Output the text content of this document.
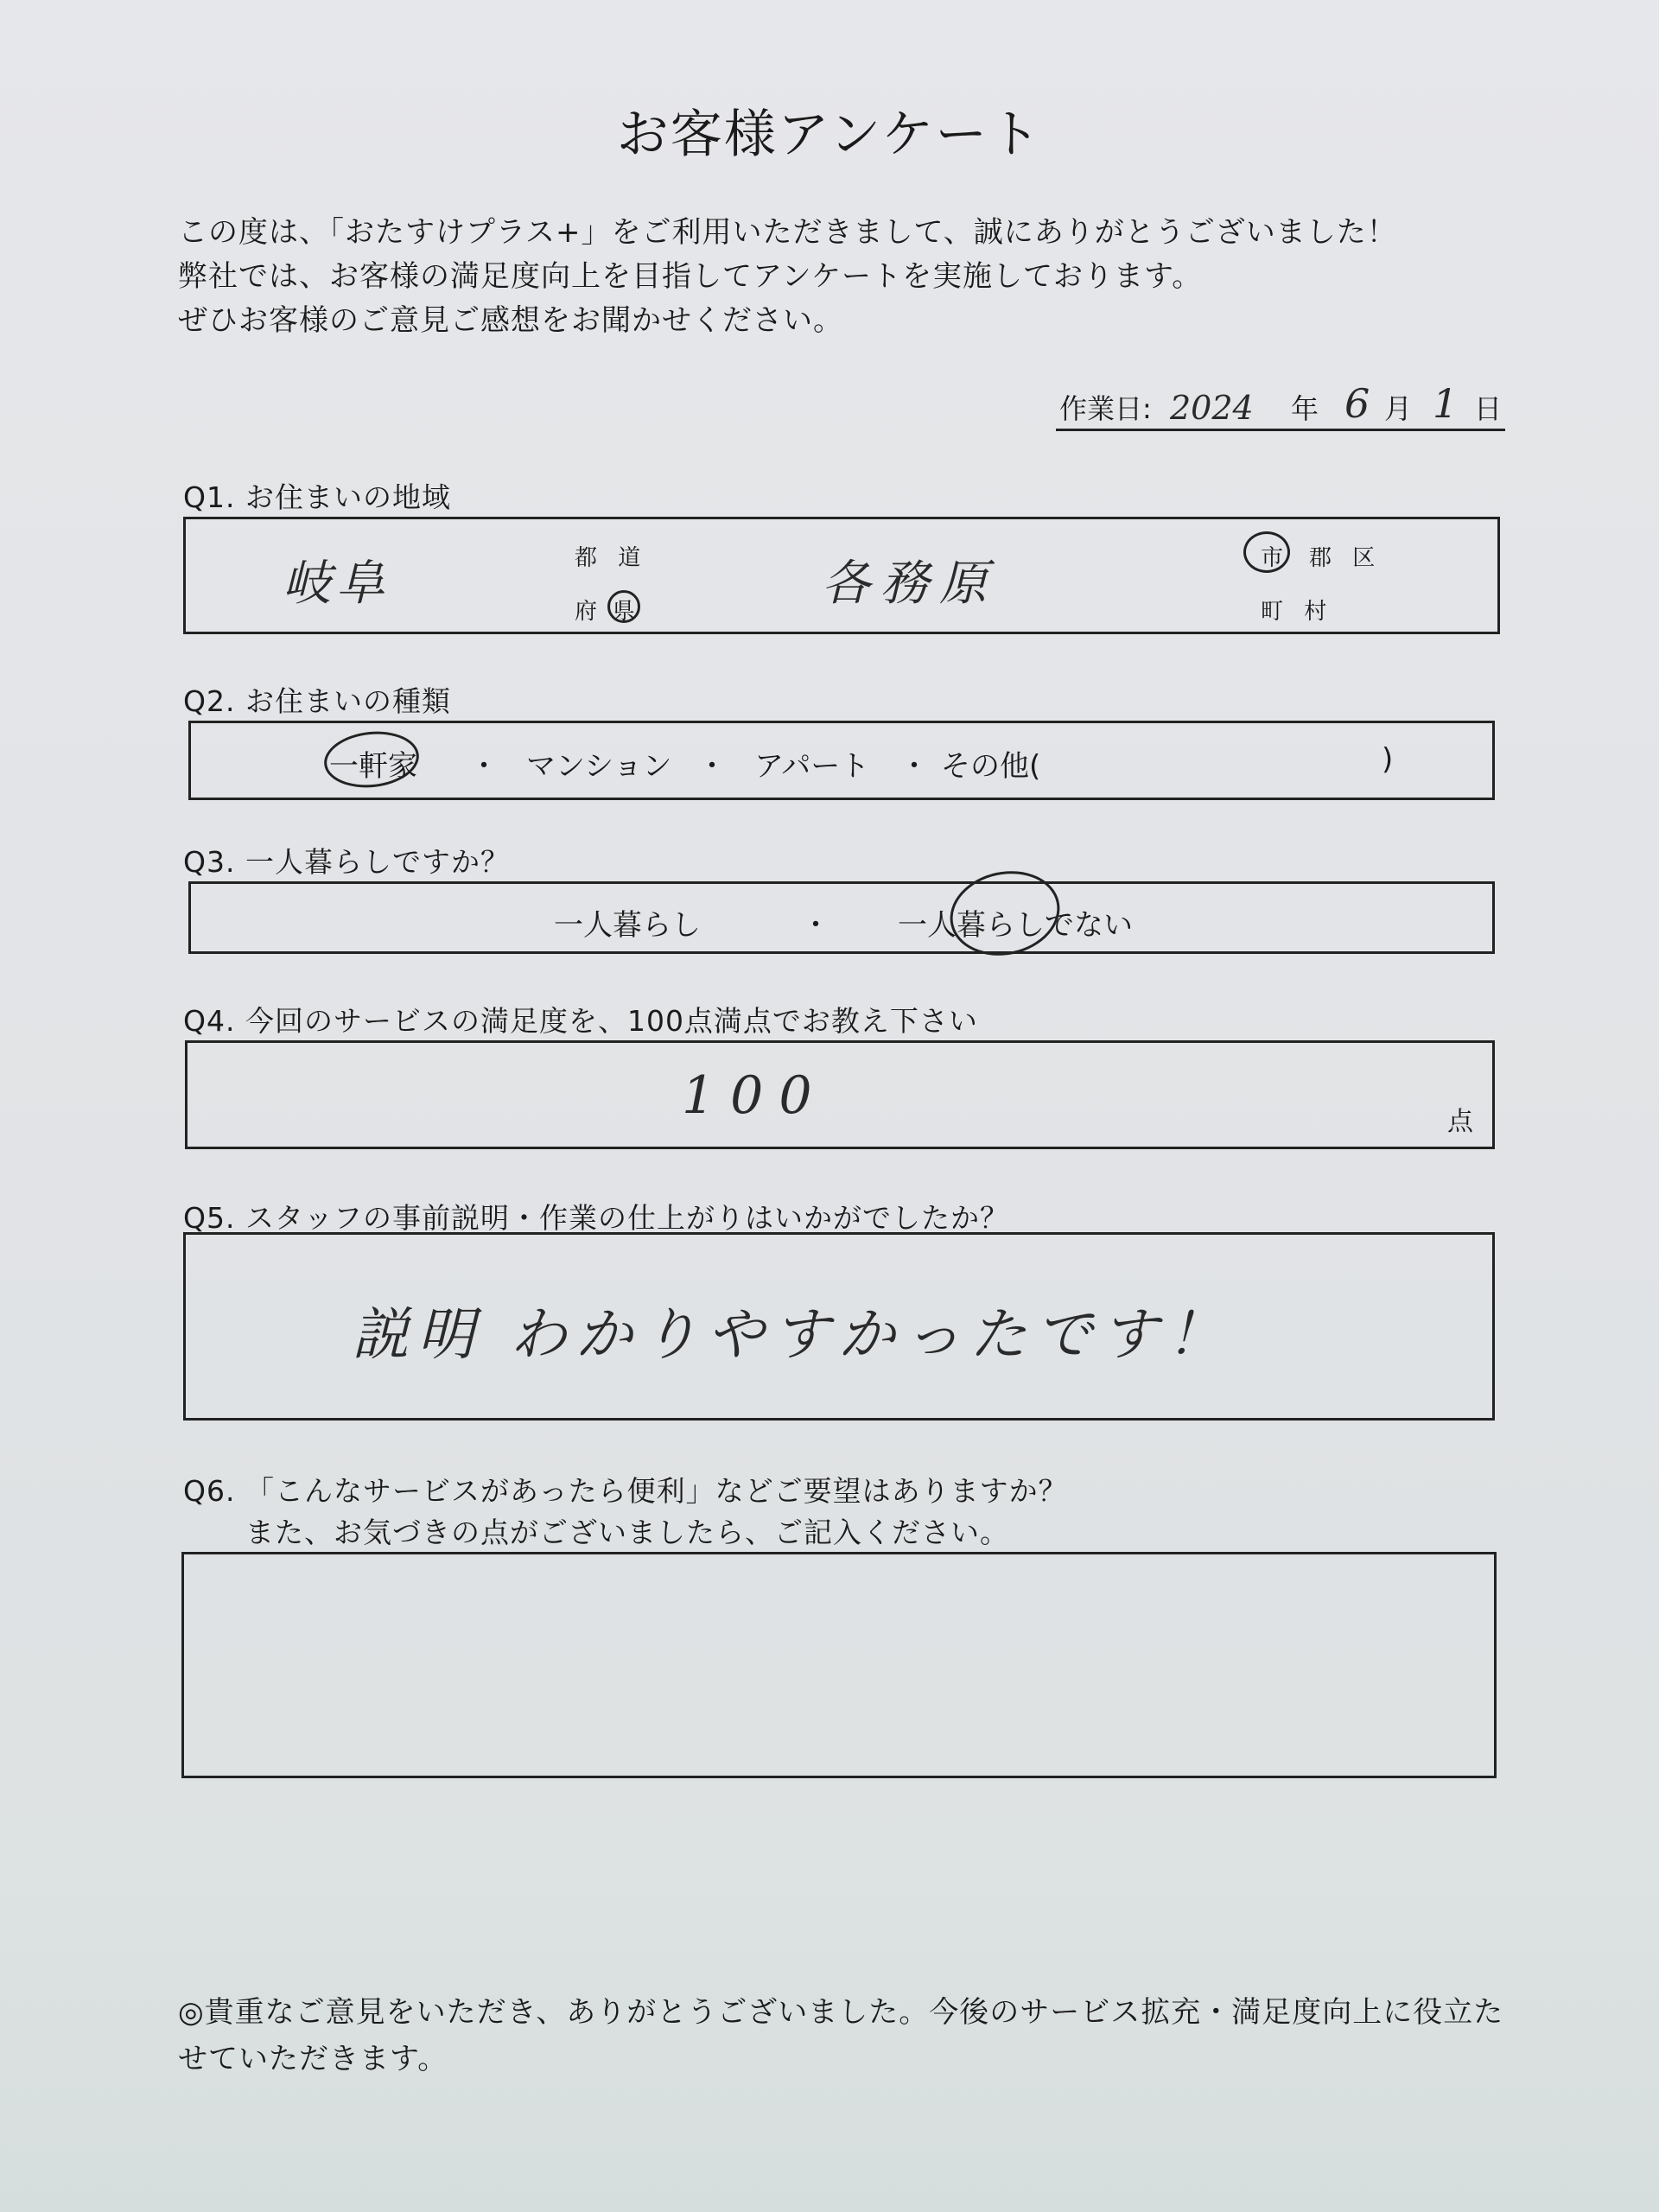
お客様アンケート
この度は、「おたすけプラス+」をご利用いただきまして、誠にありがとうございました！
弊社では、お客様の満足度向上を目指してアンケートを実施しております。
ぜひお客様のご意見ご感想をお聞かせください。
作業日: 2024 年 6 月 1 日
Q1. お住まいの地域
岐阜	都 道
府 県	各務原	市 郡 区
町 村
Q2. お住まいの種類
一軒家 ・ マンション ・ アパート ・ その他(	)
Q3. 一人暮らしですか？
一人暮らし	・ 一人暮らしでない
Q4. 今回のサービスの満足度を、100点満点でお教え下さい
100	点
Q5. スタッフの事前説明・作業の仕上がりはいかがでしたか？
説明 わかりやすかったです！
Q6. 「こんなサービスがあったら便利」などご要望はありますか？
また、お気づきの点がございましたら、ご記入ください。
◎貴重なご意見をいただき、ありがとうございました。今後のサービス拡充・満足度向上に役立た
せていただきます。
